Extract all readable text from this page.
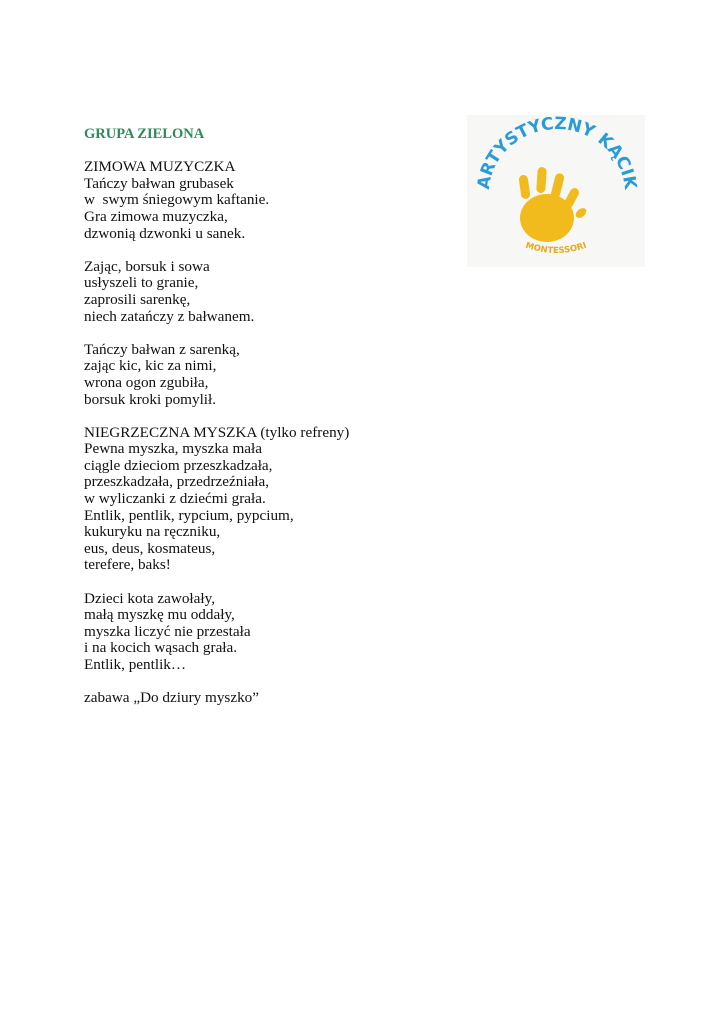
GRUPA ZIELONA
ZIMOWA MUZYCZKA
Tańczy bałwan grubasek
w  swym śniegowym kaftanie.
Gra zimowa muzyczka,
dzwonią dzwonki u sanek.
Zając, borsuk i sowa
usłyszeli to granie,
zaprosili sarenkę,
niech zatańczy z bałwanem.
Tańczy bałwan z sarenką,
zając kic, kic za nimi,
wrona ogon zgubiła,
borsuk kroki pomylił.
NIEGRZECZNA MYSZKA (tylko refreny)
Pewna myszka, myszka mała
ciągle dzieciom przeszkadzała,
przeszkadzała, przedrzeźniała,
w wyliczanki z dziećmi grała.
Entlik, pentlik, rypcium, pypcium,
kukuryku na ręczniku,
eus, deus, kosmateus,
terefere, baks!
Dzieci kota zawołały,
małą myszkę mu oddały,
myszka liczyć nie przestała
i na kocich wąsach grała.
Entlik, pentlik…
zabawa „Do dziury myszko”
ARTYSTYCZNY KĄCIK
MONTESSORI
